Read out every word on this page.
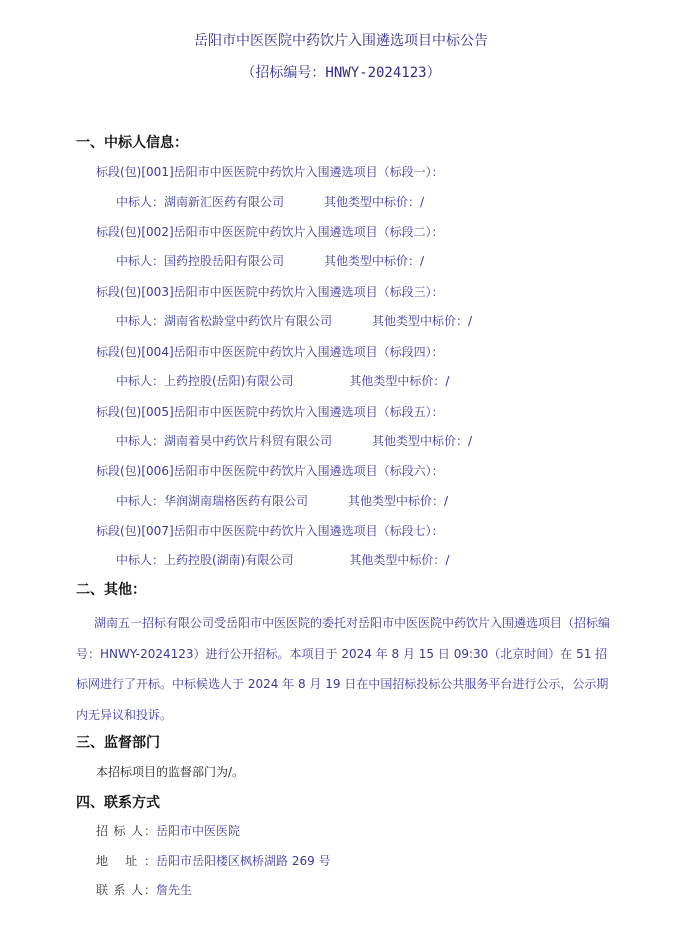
岳阳市中医医院中药饮片入围遴选项目中标公告
（招标编号：HNWY-2024123）
一、中标人信息：
标段(包)[001]岳阳市中医医院中药饮片入围遴选项目（标段一）：
中标人：湖南新汇医药有限公司	其他类型中标价：/
标段(包)[002]岳阳市中医医院中药饮片入围遴选项目（标段二）：
中标人：国药控股岳阳有限公司	其他类型中标价：/
标段(包)[003]岳阳市中医医院中药饮片入围遴选项目（标段三）：
中标人：湖南省松龄堂中药饮片有限公司	其他类型中标价：/
标段(包)[004]岳阳市中医医院中药饮片入围遴选项目（标段四）：
中标人：上药控股(岳阳)有限公司	其他类型中标价：/
标段(包)[005]岳阳市中医医院中药饮片入围遴选项目（标段五）：
中标人：湖南着昊中药饮片科贸有限公司	其他类型中标价：/
标段(包)[006]岳阳市中医医院中药饮片入围遴选项目（标段六）：
中标人：华润湖南瑞格医药有限公司	其他类型中标价：/
标段(包)[007]岳阳市中医医院中药饮片入围遴选项目（标段七）：
中标人：上药控股(湖南)有限公司	其他类型中标价：/
二、其他：
湖南五一招标有限公司受岳阳市中医医院的委托对岳阳市中医医院中药饮片入围遴选项目（招标编号：HNWY-2024123）进行公开招标。本项目于 2024 年 8 月 15 日 09:30（北京时间）在 51 招标网进行了开标。中标候选人于 2024 年 8 月 19 日在中国招标投标公共服务平台进行公示，公示期内无异议和投诉。
三、监督部门
本招标项目的监督部门为/。
四、联系方式
招 标 人：岳阳市中医医院
地 址：岳阳市岳阳楼区枫桥湖路 269 号
联 系 人：詹先生
